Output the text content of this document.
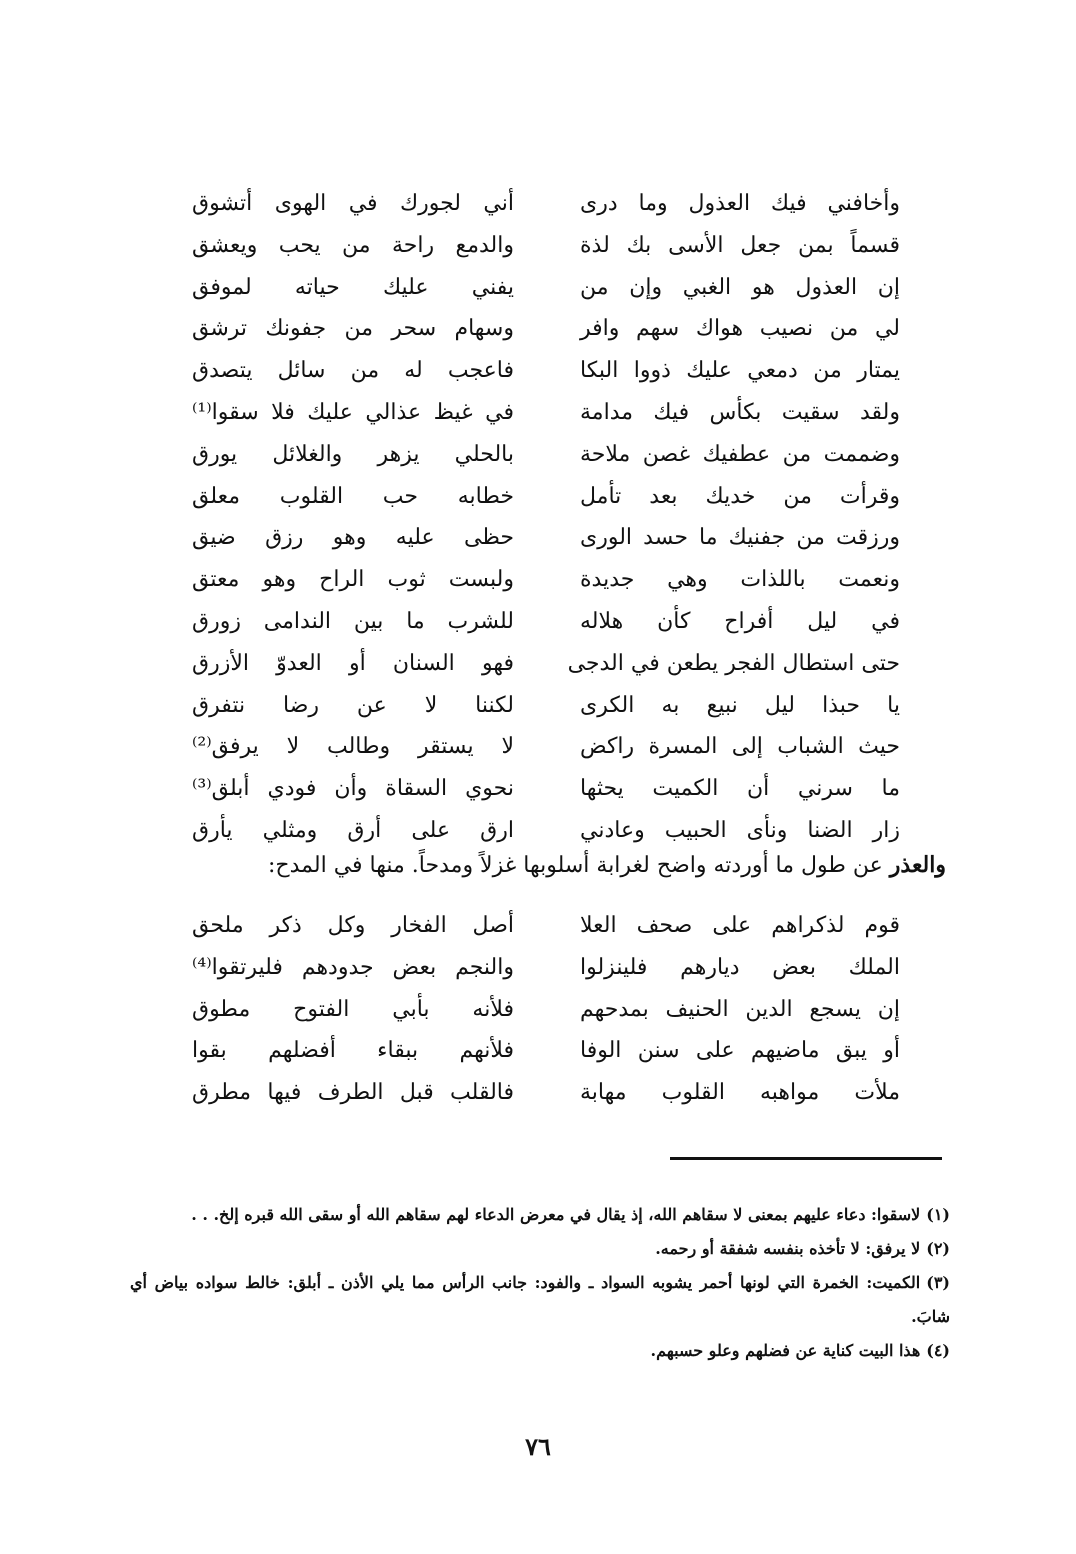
وأخافني فيك العذول وما درى
أني لجورك في الهوى أتشوق
قسماً بمن جعل الأسى بك لذة
والدمع راحة من يحب ويعشق
إن العذول هو الغبي وإن من
يفني عليك حياته لموفق
لي من نصيب هواك سهم وافر
وسهام سحر من جفونك ترشق
يمتار من دمعي عليك ذووا البكا
فاعجب له من سائل يتصدق
ولقد سقيت بكأس فيك مدامة
في غيظ عذالي عليك فلا سقوا⁽¹⁾
وضممت من عطفيك غصن ملاحة
بالحلي يزهر والغلائل يورق
وقرأت من خديك بعد تأمل
خطابه حب القلوب معلق
ورزقت من جفنيك ما حسد الورى
حظى عليه وهو رزق ضيق
ونعمت باللذات وهي جديدة
ولبست ثوب الراح وهو معتق
في ليل أفراح كأن هلاله
للشرب ما بين الندامى زورق
حتى استطال الفجر يطعن في الدجى
فهو السنان أو العدوّ الأزرق
يا حبذا ليل نبيع به الكرى
لكننا لا عن رضا نتفرق
حيث الشباب إلى المسرة راكض
لا يستقر وطالب لا يرفق⁽²⁾
ما سرني أن الكميت يحثها
نحوي السقاة وأن فودي أبلق⁽³⁾
زار الضنا ونأى الحبيب وعادني
ارق على أرق ومثلي يأرق
والعذر عن طول ما أوردته واضح لغرابة أسلوبها غزلاً ومدحاً. منها في المدح:
قوم لذكراهم على صحف العلا
أصل الفخار وكل ذكر ملحق
الملك بعض ديارهم فلينزلوا
والنجم بعض جدودهم فليرتقوا⁽⁴⁾
إن يسجع الدين الحنيف بمدحهم
فلأنه بأبي الفتوح مطوق
أو يبق ماضيهم على سنن الوفا
فلأنهم ببقاء أفضلهم بقوا
ملأت مواهبه القلوب مهابة
فالقلب قبل الطرف فيها مطرق
(١)لاسقوا: دعاء عليهم بمعنى لا سقاهم الله، إذ يقال في معرض الدعاء لهم سقاهم الله أو سقى الله قبره إلخ. . .
(٢)لا يرفق: لا تأخذه بنفسه شفقة أو رحمه.
(٣)الكميت: الخمرة التي لونها أحمر يشوبه السواد ـ والفود: جانب الرأس مما يلي الأذن ـ أبلق: خالط سواده بياض أي شابَ.
(٤)هذا البيت كناية عن فضلهم وعلو حسبهم.
٧٦
